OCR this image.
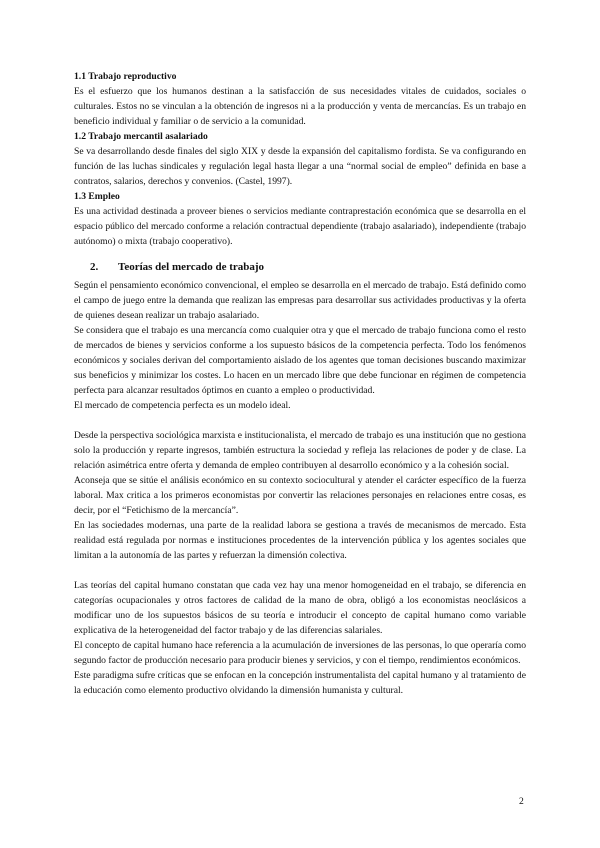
1.1 Trabajo reproductivo

Es el esfuerzo que los humanos destinan a la satisfacción de sus necesidades vitales de cuidados, sociales o culturales. Estos no se vinculan a la obtención de ingresos ni a la producción y venta de mercancías. Es un trabajo en beneficio individual y familiar o de servicio a la comunidad.

1.2 Trabajo mercantil asalariado

Se va desarrollando desde finales del siglo XIX y desde la expansión del capitalismo fordista. Se va configurando en función de las luchas sindicales y regulación legal hasta llegar a una “normal social de empleo” definida en base a contratos, salarios, derechos y convenios. (Castel, 1997).

1.3 Empleo

Es una actividad destinada a proveer bienes o servicios mediante contraprestación económica que se desarrolla en el espacio público del mercado conforme a relación contractual dependiente (trabajo asalariado), independiente (trabajo autónomo) o mixta (trabajo cooperativo).

2. Teorías del mercado de trabajo

Según el pensamiento económico convencional, el empleo se desarrolla en el mercado de trabajo. Está definido como el campo de juego entre la demanda que realizan las empresas para desarrollar sus actividades productivas y la oferta de quienes desean realizar un trabajo asalariado.

Se considera que el trabajo es una mercancía como cualquier otra y que el mercado de trabajo funciona como el resto de mercados de bienes y servicios conforme a los supuesto básicos de la competencia perfecta. Todo los fenómenos económicos y sociales derivan del comportamiento aislado de los agentes que toman decisiones buscando maximizar sus beneficios y minimizar los costes. Lo hacen en un mercado libre que debe funcionar en régimen de competencia perfecta para alcanzar resultados óptimos en cuanto a empleo o productividad.

El mercado de competencia perfecta es un modelo ideal.

Desde la perspectiva sociológica marxista e institucionalista, el mercado de trabajo es una institución que no gestiona solo la producción y reparte ingresos, también estructura la sociedad y refleja las relaciones de poder y de clase. La relación asimétrica entre oferta y demanda de empleo contribuyen al desarrollo económico y a la cohesión social.

Aconseja que se sitúe el análisis económico en su contexto sociocultural y atender el carácter específico de la fuerza laboral. Max critica a los primeros economistas por convertir las relaciones personajes en relaciones entre cosas, es decir, por el “Fetichismo de la mercancía”.

En las sociedades modernas, una parte de la realidad labora se gestiona a través de mecanismos de mercado. Esta realidad está regulada por normas e instituciones procedentes de la intervención pública y los agentes sociales que limitan a la autonomía de las partes y refuerzan la dimensión colectiva.

Las teorías del capital humano constatan que cada vez hay una menor homogeneidad en el trabajo, se diferencia en categorías ocupacionales y otros factores de calidad de la mano de obra, obligó a los economistas neoclásicos a modificar uno de los supuestos básicos de su teoría e introducir el concepto de capital humano como variable explicativa de la heterogeneidad del factor trabajo y de las diferencias salariales.

El concepto de capital humano hace referencia a la acumulación de inversiones de las personas, lo que operaría como segundo factor de producción necesario para producir bienes y servicios, y con el tiempo, rendimientos económicos.

Este paradigma sufre críticas que se enfocan en la concepción instrumentalista del capital humano y al tratamiento de la educación como elemento productivo olvidando la dimensión humanista y cultural.

2
